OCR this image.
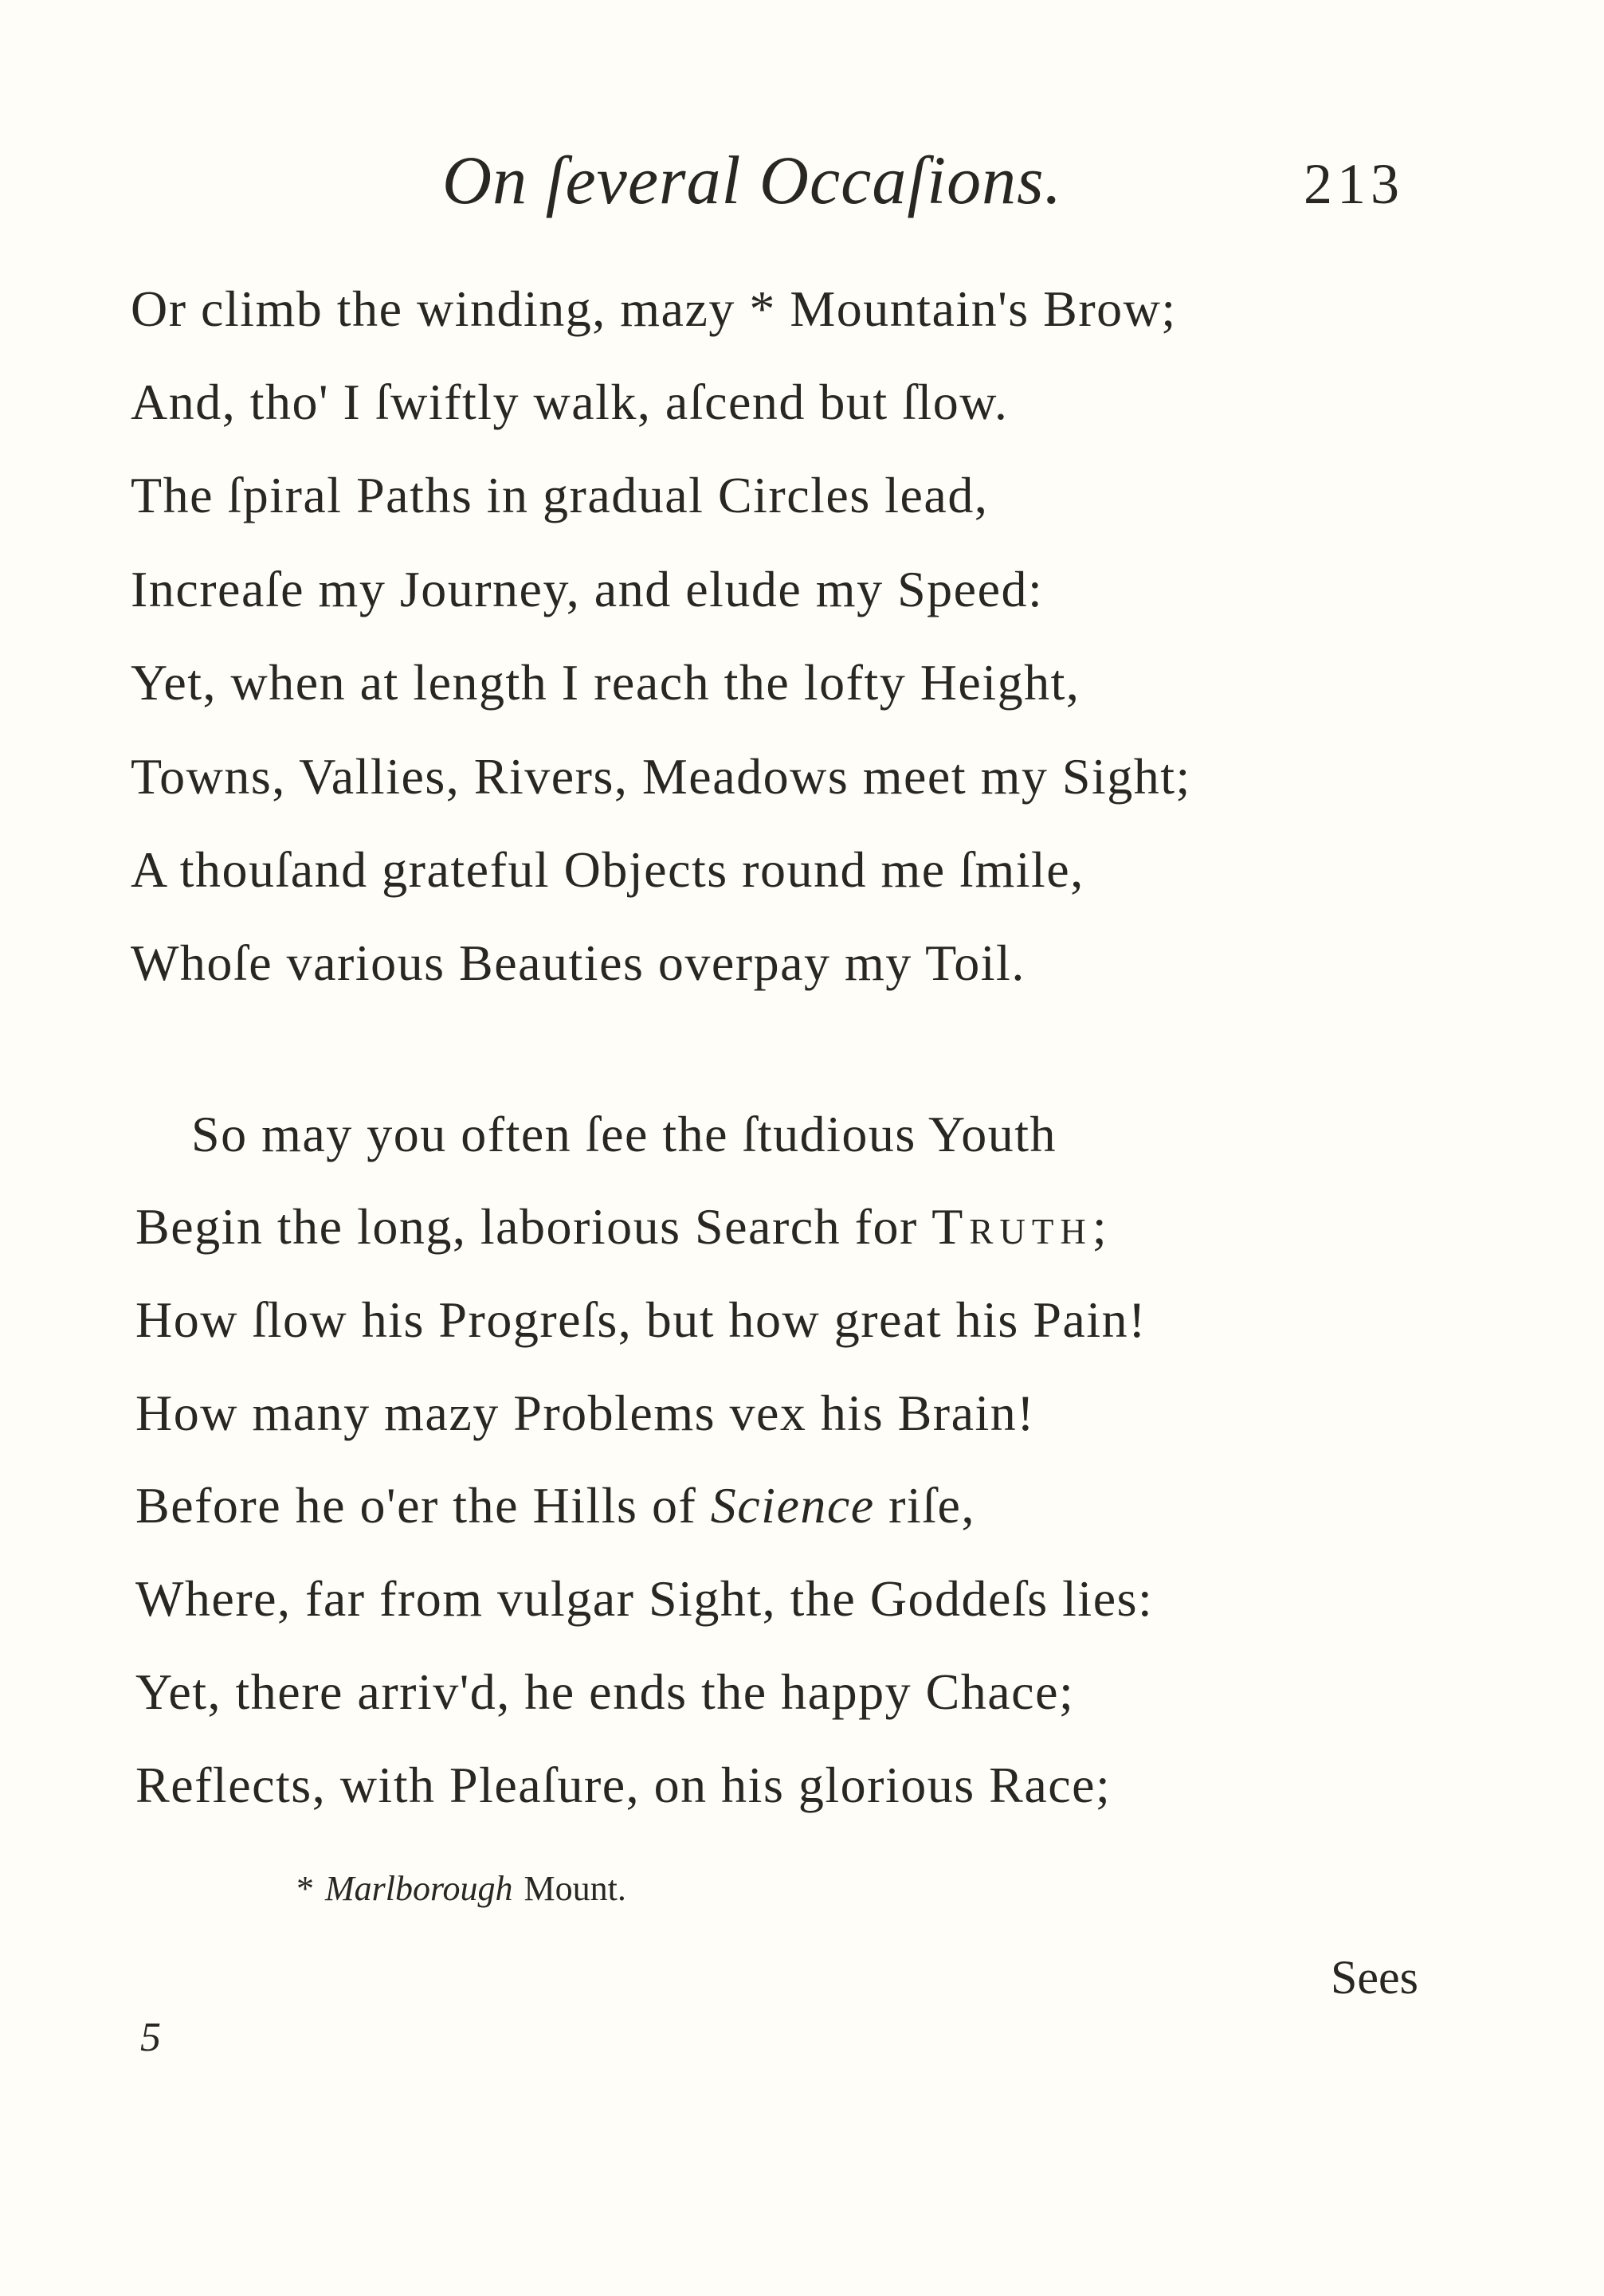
On ſeveral Occaſions.	213
Or climb the winding, mazy * Mountain's Brow;
And, tho' I ſwiftly walk, aſcend but ſlow.
The ſpiral Paths in gradual Circles lead,
Increaſe my Journey, and elude my Speed:
Yet, when at length I reach the lofty Height,
Towns, Vallies, Rivers, Meadows meet my Sight;
A thouſand grateful Objects round me ſmile,
Whoſe various Beauties overpay my Toil.
So may you often ſee the ſtudious Youth
Begin the long, laborious Search for Truth;
How ſlow his Progreſs, but how great his Pain!
How many mazy Problems vex his Brain!
Before he o'er the Hills of Science riſe,
Where, far from vulgar Sight, the Goddeſs lies:
Yet, there arriv'd, he ends the happy Chace;
Reflects, with Pleaſure, on his glorious Race;
* Marlborough Mount.
Sees
5
